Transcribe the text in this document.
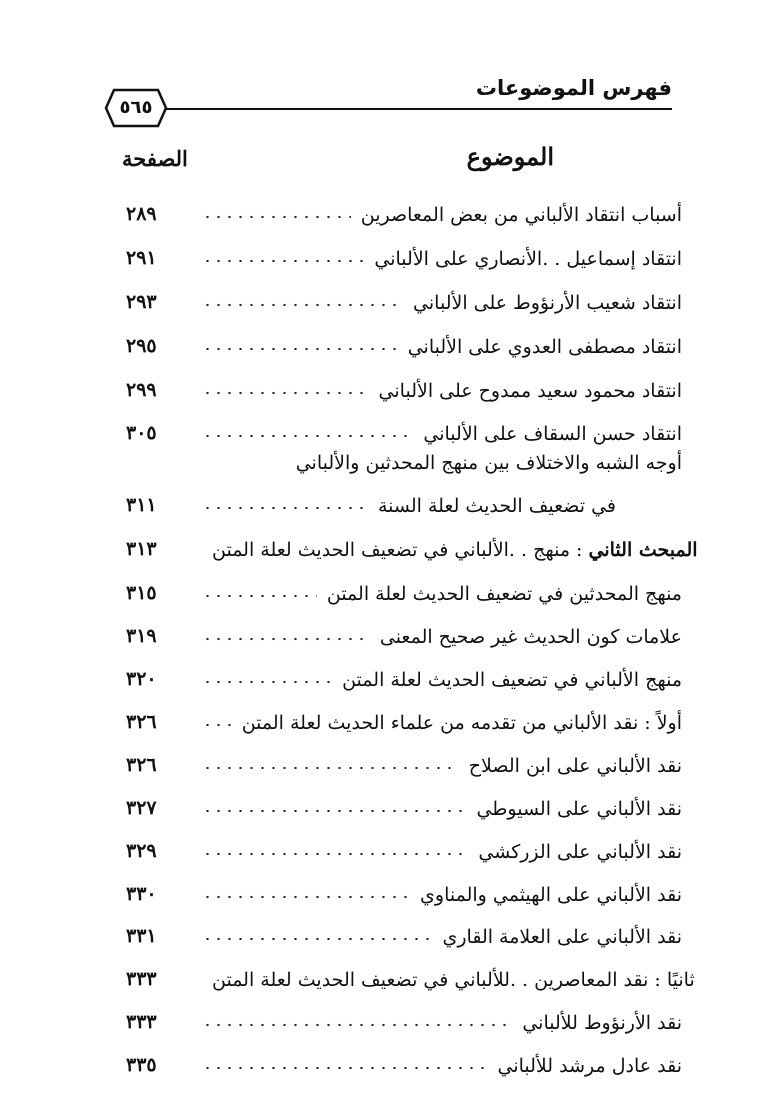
فهرس الموضوعات
٥٦٥
الموضوع
الصفحة
٢٨٩	أسباب انتقاد الألباني من بعض المعاصرين
٢٩١	انتقاد إسماعيل . .الأنصاري على الألباني
٢٩٣	انتقاد شعيب الأرنؤوط على الألباني
٢٩٥	انتقاد مصطفى العدوي على الألباني
٢٩٩	انتقاد محمود سعيد ممدوح على الألباني
٣٠٥	انتقاد حسن السقاف على الألباني
أوجه الشبه والاختلاف بين منهج المحدثين والألباني
٣١١	في تضعيف الحديث لعلة السنة
٣١٣	المبحث الثاني : منهج . .الألباني في تضعيف الحديث لعلة المتن
٣١٥	منهج المحدثين في تضعيف الحديث لعلة المتن
٣١٩	علامات كون الحديث غير صحيح المعنى
٣٢٠	منهج الألباني في تضعيف الحديث لعلة المتن
٣٢٦	أولاً : نقد الألباني من تقدمه من علماء الحديث لعلة المتن
٣٢٦	نقد الألباني على ابن الصلاح
٣٢٧	نقد الألباني على السيوطي
٣٢٩	نقد الألباني على الزركشي
٣٣٠	نقد الألباني على الهيثمي والمناوي
٣٣١	نقد الألباني على العلامة القاري
٣٣٣	ثانيًا : نقد المعاصرين . .للألباني في تضعيف الحديث لعلة المتن
٣٣٣	نقد الأرنؤوط للألباني
٣٣٥	نقد عادل مرشد للألباني
